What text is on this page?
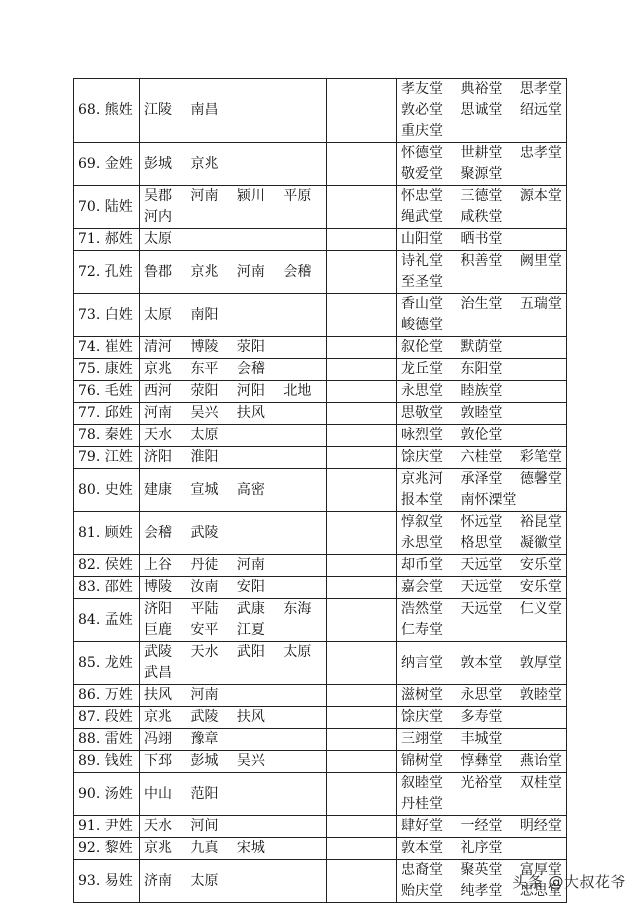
68. 熊姓	江陵 南昌		孝友堂 典裕堂 思孝堂 敦必堂 思诚堂 绍远堂 重庆堂
69. 金姓	彭城 京兆		怀德堂 世耕堂 忠孝堂 敬爱堂 聚源堂
70. 陆姓	吴郡 河南 颍川 平原 河内		怀忠堂 三德堂 源本堂 绳武堂 咸秩堂
71. 郝姓	太原		山阳堂 晒书堂
72. 孔姓	鲁郡 京兆 河南 会稽		诗礼堂 积善堂 阙里堂 至圣堂
73. 白姓	太原 南阳		香山堂 治生堂 五瑞堂 峻德堂
74. 崔姓	清河 博陵 荥阳		叙伦堂 默荫堂
75. 康姓	京兆 东平 会稽		龙丘堂 东阳堂
76. 毛姓	西河 荥阳 河阳 北地		永思堂 睦族堂
77. 邱姓	河南 吴兴 扶风		思敬堂 敦睦堂
78. 秦姓	天水 太原		咏烈堂 敦伦堂
79. 江姓	济阳 淮阳		馀庆堂 六桂堂 彩笔堂
80. 史姓	建康 宣城 高密		京兆河 承泽堂 德馨堂 报本堂 南怀溧堂
81. 顾姓	会稽 武陵		惇叙堂 怀远堂 裕昆堂 永思堂 格思堂 凝徽堂
82. 侯姓	上谷 丹徒 河南		却币堂 天远堂 安乐堂
83. 邵姓	博陵 汝南 安阳		嘉会堂 天远堂 安乐堂
84. 孟姓	济阳 平陆 武康 东海 巨鹿 安平 江夏		浩然堂 天远堂 仁义堂 仁寿堂
85. 龙姓	武陵 天水 武阳 太原 武昌		纳言堂 敦本堂 敦厚堂
86. 万姓	扶风 河南		滋树堂 永思堂 敦睦堂
87. 段姓	京兆 武陵 扶风		馀庆堂 多寿堂
88. 雷姓	冯翊 豫章		三翊堂 丰城堂
89. 钱姓	下邳 彭城 吴兴		锦树堂 惇彝堂 燕诒堂
90. 汤姓	中山 范阳		叙睦堂 光裕堂 双桂堂 丹桂堂
91. 尹姓	天水 河间		肆好堂 一经堂 明经堂
92. 黎姓	京兆 九真 宋城		敦本堂 礼序堂
93. 易姓	济南 太原		忠裔堂 聚英堂 富厚堂 贻庆堂 纯孝堂 忠思堂
头条 @大叔花爷
